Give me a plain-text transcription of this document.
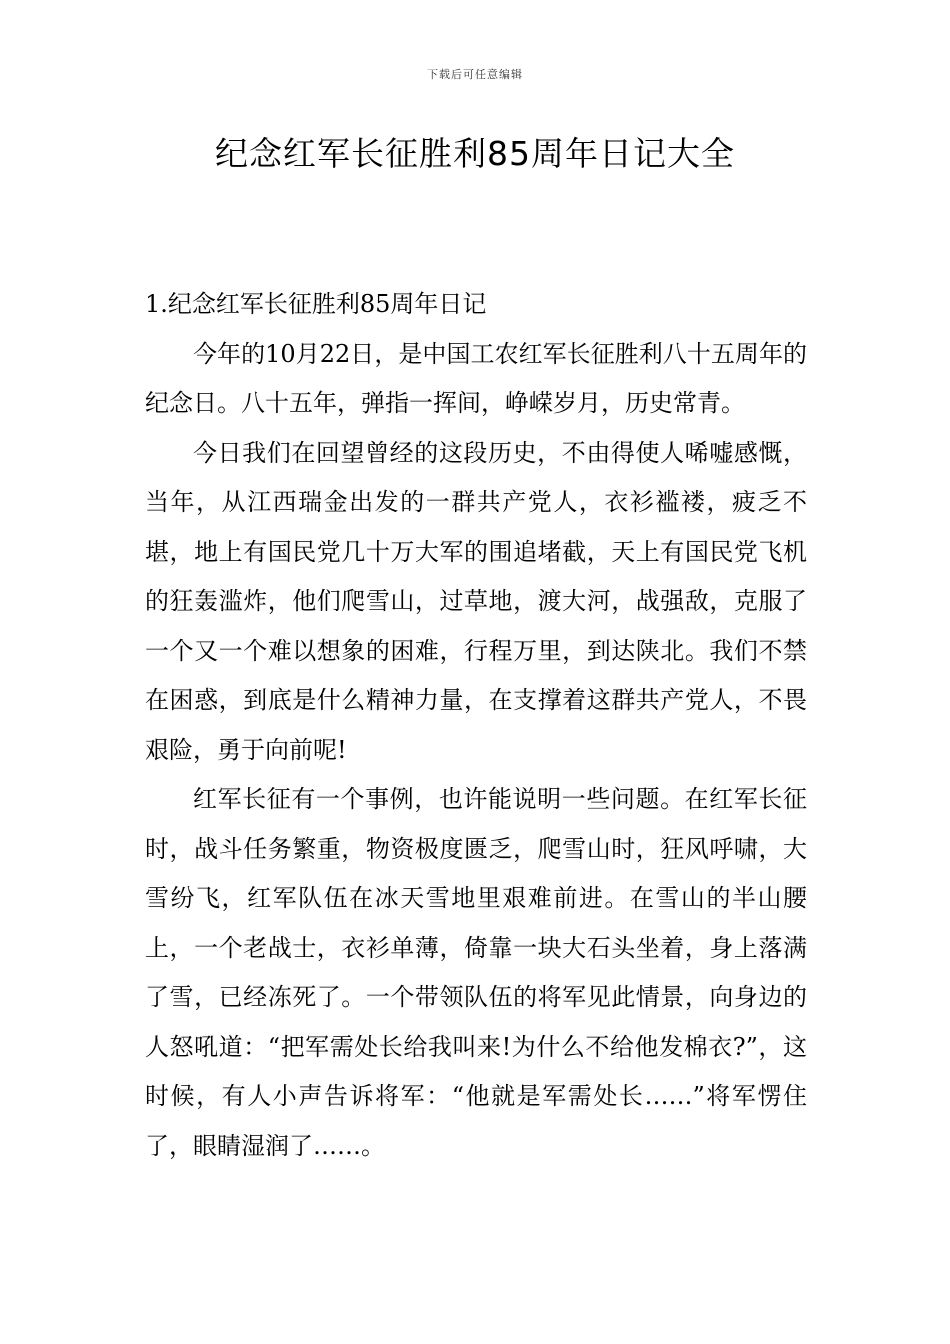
下载后可任意编辑
纪念红军长征胜利85周年日记大全

1.纪念红军长征胜利85周年日记

今年的10月22日，是中国工农红军长征胜利八十五周年的纪念日。八十五年，弹指一挥间，峥嵘岁月，历史常青。

今日我们在回望曾经的这段历史，不由得使人唏嘘感慨，当年，从江西瑞金出发的一群共产党人，衣衫褴褛，疲乏不堪，地上有国民党几十万大军的围追堵截，天上有国民党飞机的狂轰滥炸，他们爬雪山，过草地，渡大河，战强敌，克服了一个又一个难以想象的困难，行程万里，到达陕北。我们不禁在困惑，到底是什么精神力量，在支撑着这群共产党人，不畏艰险，勇于向前呢!

红军长征有一个事例，也许能说明一些问题。在红军长征时，战斗任务繁重，物资极度匮乏，爬雪山时，狂风呼啸，大雪纷飞，红军队伍在冰天雪地里艰难前进。在雪山的半山腰上，一个老战士，衣衫单薄，倚靠一块大石头坐着，身上落满了雪，已经冻死了。一个带领队伍的将军见此情景，向身边的人怒吼道：“把军需处长给我叫来!为什么不给他发棉衣?”，这时候，有人小声告诉将军：“他就是军需处长……”将军愣住了，眼睛湿润了……。
